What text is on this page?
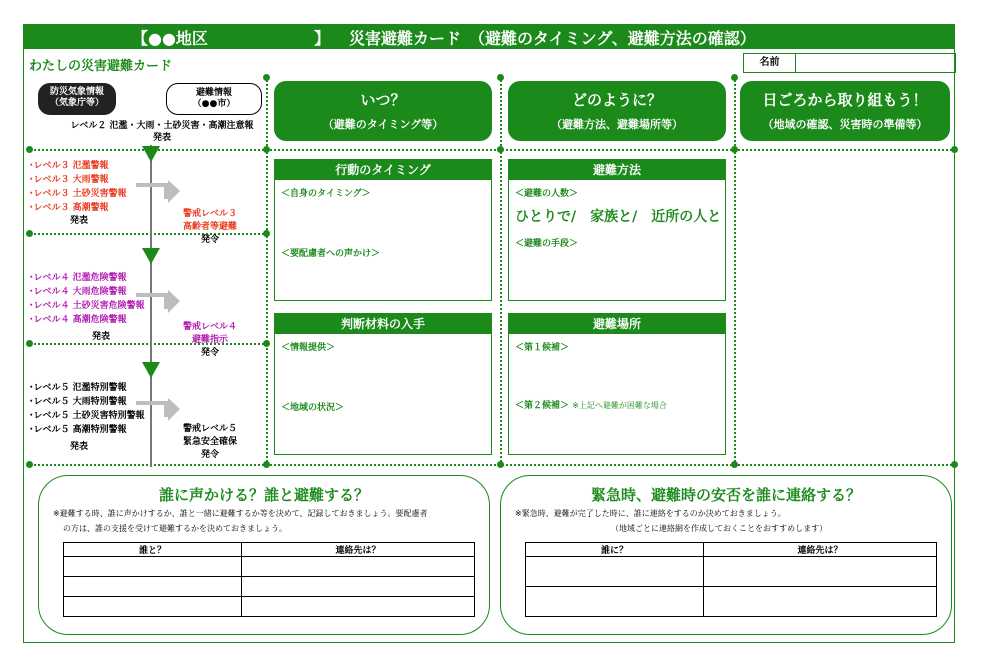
【●●地区	】 災害避難カード　（避難のタイミング、避難方法の確認）
わたしの災害避難カード	名前
防災気象情報
（気象庁等）
避難情報
（●●市）
レベル２ 氾濫・大雨・土砂災害・高潮注意報
発表
･レベル３ 氾濫警報
･レベル３ 大雨警報
･レベル３ 土砂災害警報
･レベル３ 高潮警報
発表
警戒レベル３
高齢者等避難
発令
･レベル４ 氾濫危険警報
･レベル４ 大雨危険警報
･レベル４ 土砂災害危険警報
･レベル４ 高潮危険警報
発表
警戒レベル４
避難指示
発令
･レベル５ 氾濫特別警報
･レベル５ 大雨特別警報
･レベル５ 土砂災害特別警報
･レベル５ 高潮特別警報
発表
警戒レベル５
緊急安全確保
発令
いつ？
（避難のタイミング等）
どのように？
（避難方法、避難場所等）
日ごろから取り組もう！
（地域の確認、災害時の準備等）
行動のタイミング
＜自身のタイミング＞
＜要配慮者への声かけ＞
判断材料の入手
＜情報提供＞
＜地域の状況＞
避難方法
＜避難の人数＞
ひとりで/　家族と/　近所の人と
＜避難の手段＞
避難場所
＜第１候補＞
＜第２候補＞ ※上記へ避難が困難な場合
誰に声かける？誰と避難する？
※避難する時、誰に声かけするか、誰と一緒に避難するか等を決めて、記録しておきましょう。要配慮者
の方は、誰の支援を受けて避難するかを決めておきましょう。
誰と？	連絡先は？

緊急時、避難時の安否を誰に連絡する？
※緊急時、避難が完了した時に、誰に連絡をするのか決めておきましょう。
（地域ごとに連絡網を作成しておくことをおすすめします）
誰に？	連絡先は？
